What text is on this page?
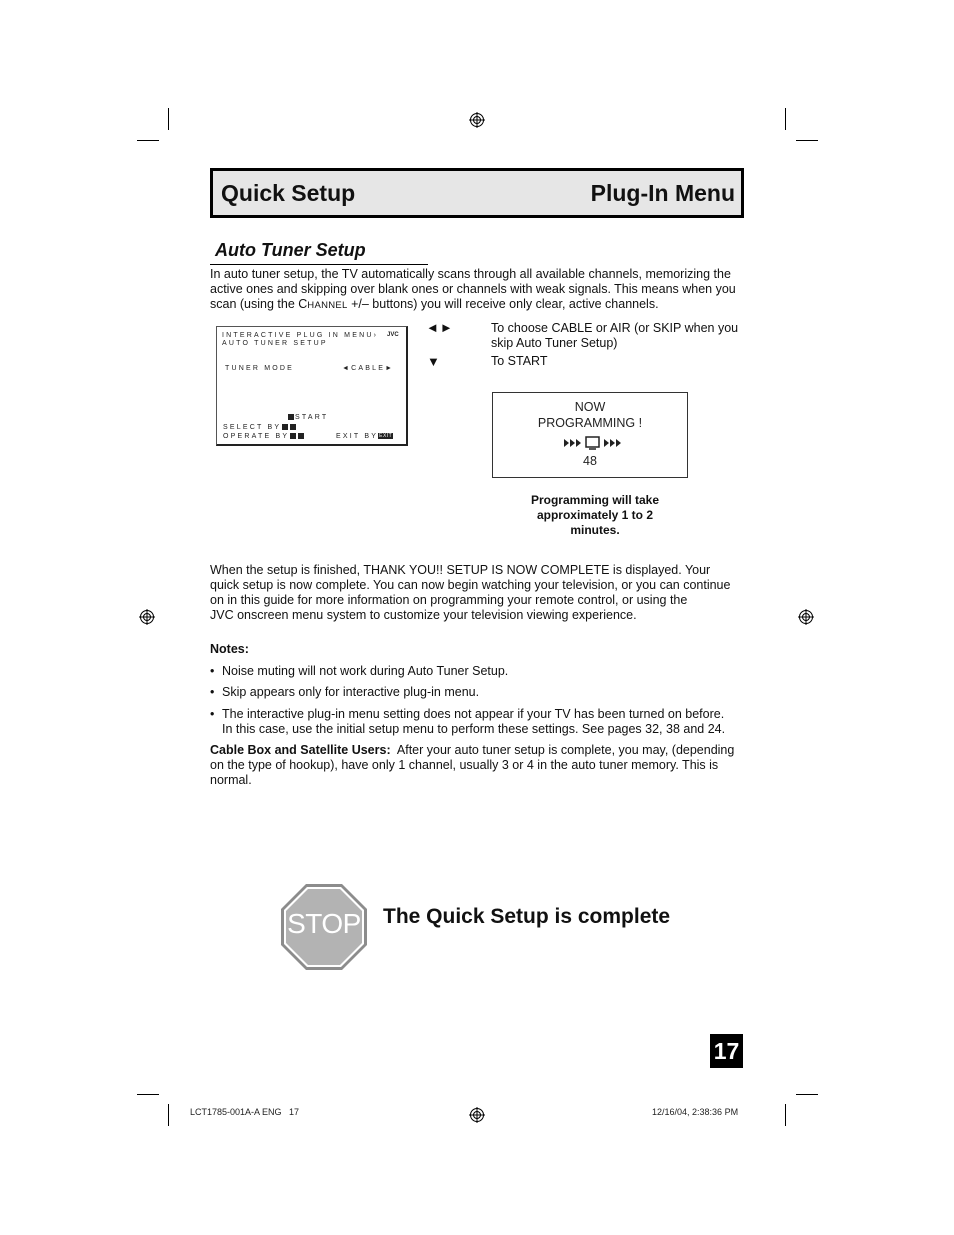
Quick Setup	Plug-In Menu
Auto Tuner Setup
In auto tuner setup, the TV automatically scans through all available channels, memorizing the
active ones and skipping over blank ones or channels with weak signals. This means when you
scan (using the CHANNEL +/– buttons) you will receive only clear, active channels.
INTERACTIVE PLUG IN MENU› JVC
AUTO TUNER SETUP
TUNER MODE	◄CABLE►
START
SELECT BY
OPERATE BY	EXIT BYEXIT
◄►	To choose CABLE or AIR (or SKIP when you
skip Auto Tuner Setup)
▼	To START
NOW
PROGRAMMING !
48
Programming will take
approximately 1 to 2
minutes.
When the setup is finished, THANK YOU!! SETUP IS NOW COMPLETE is displayed. Your
quick setup is now complete. You can now begin watching your television, or you can continue
on in this guide for more information on programming your remote control, or using the
JVC onscreen menu system to customize your television viewing experience.
Notes:
• Noise muting will not work during Auto Tuner Setup.
• Skip appears only for interactive plug-in menu.
• The interactive plug-in menu setting does not appear if your TV has been turned on before.
In this case, use the initial setup menu to perform these settings. See pages 32, 38 and 24.
Cable Box and Satellite Users:  After your auto tuner setup is complete, you may, (depending
on the type of hookup), have only 1 channel, usually 3 or 4 in the auto tuner memory. This is
normal.
STOP	The Quick Setup is complete
17
LCT1785-001A-A ENG   17	12/16/04, 2:38:36 PM
